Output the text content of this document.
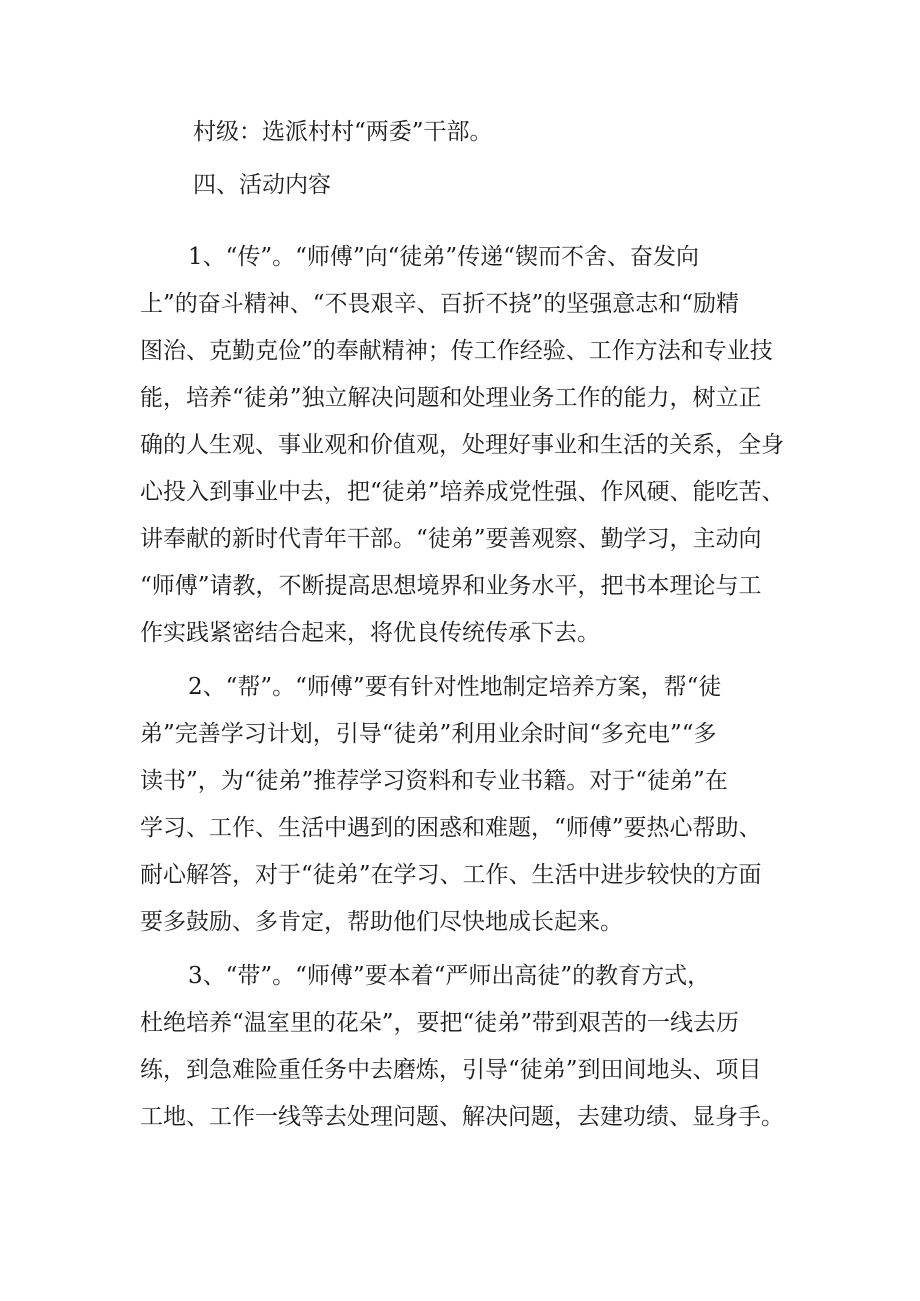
村级：选派村村“两委”干部。

四、活动内容

1、“传”。“师傅”向“徒弟”传递“锲而不舍、奋发向

上”的奋斗精神、“不畏艰辛、百折不挠”的坚强意志和“励精

图治、克勤克俭”的奉献精神；传工作经验、工作方法和专业技

能，培养“徒弟”独立解决问题和处理业务工作的能力，树立正

确的人生观、事业观和价值观，处理好事业和生活的关系，全身

心投入到事业中去，把“徒弟”培养成党性强、作风硬、能吃苦、

讲奉献的新时代青年干部。“徒弟”要善观察、勤学习，主动向

“师傅”请教，不断提高思想境界和业务水平，把书本理论与工

作实践紧密结合起来，将优良传统传承下去。

2、“帮”。“师傅”要有针对性地制定培养方案，帮“徒

弟”完善学习计划，引导“徒弟”利用业余时间“多充电”“多

读书”，为“徒弟”推荐学习资料和专业书籍。对于“徒弟”在

学习、工作、生活中遇到的困惑和难题，“师傅”要热心帮助、

耐心解答，对于“徒弟”在学习、工作、生活中进步较快的方面

要多鼓励、多肯定，帮助他们尽快地成长起来。

3、“带”。“师傅”要本着“严师出高徒”的教育方式，

杜绝培养“温室里的花朵”，要把“徒弟”带到艰苦的一线去历

练，到急难险重任务中去磨炼，引导“徒弟”到田间地头、项目

工地、工作一线等去处理问题、解决问题，去建功绩、显身手。
